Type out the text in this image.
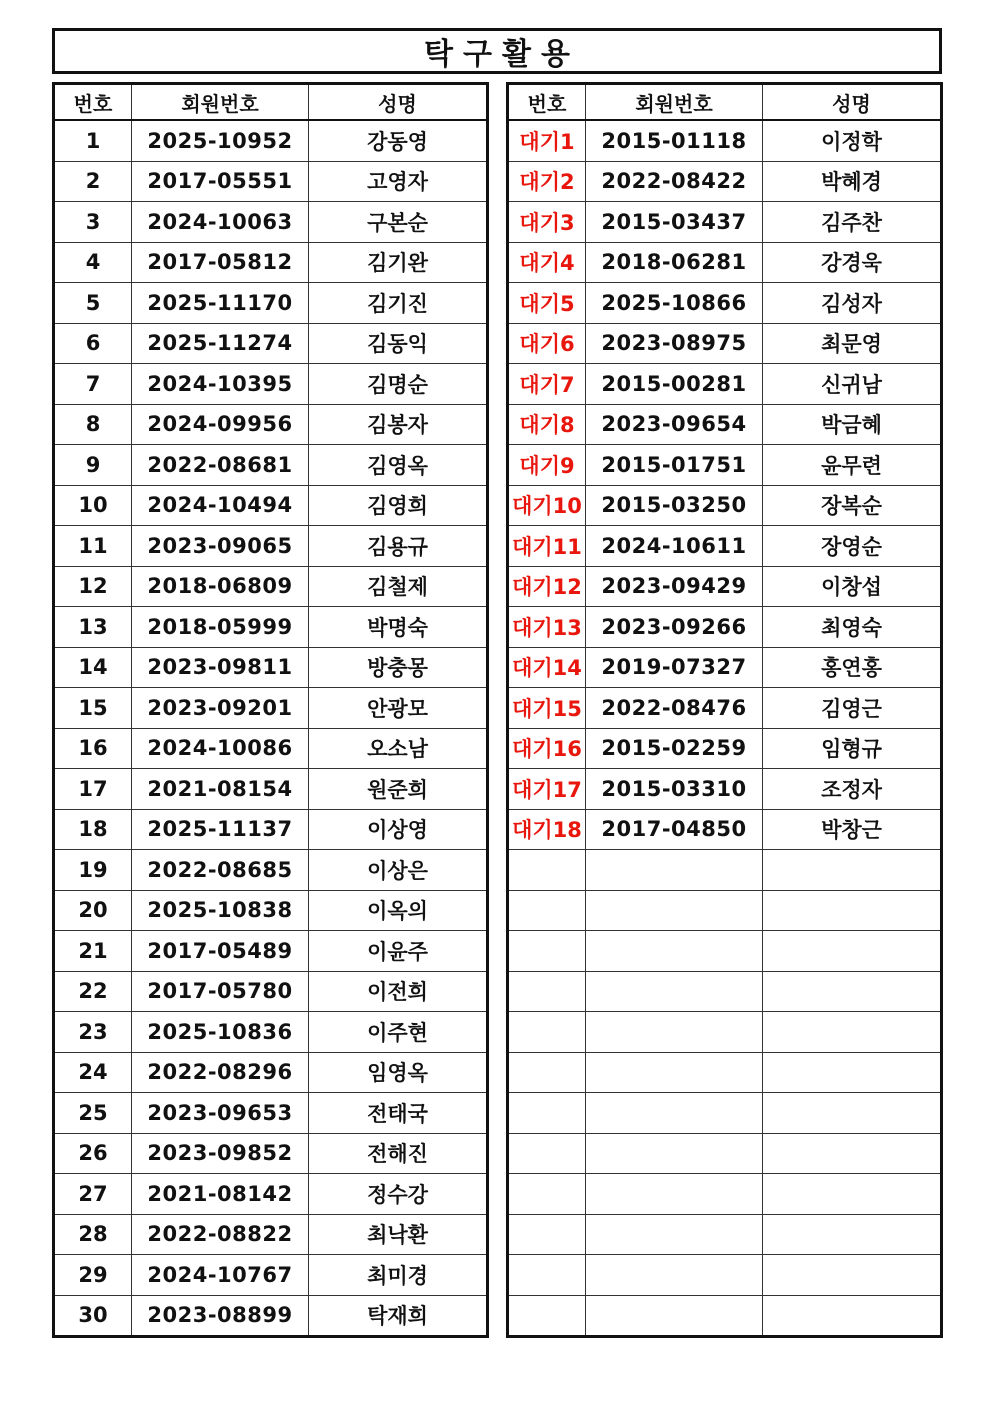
탁구활용
번호	회원번호	성명
1	2025-10952	강동영
2	2017-05551	고영자
3	2024-10063	구본순
4	2017-05812	김기완
5	2025-11170	김기진
6	2025-11274	김동익
7	2024-10395	김명순
8	2024-09956	김봉자
9	2022-08681	김영옥
10	2024-10494	김영희
11	2023-09065	김용규
12	2018-06809	김철제
13	2018-05999	박명숙
14	2023-09811	방충몽
15	2023-09201	안광모
16	2024-10086	오소남
17	2021-08154	원준희
18	2025-11137	이상영
19	2022-08685	이상은
20	2025-10838	이옥의
21	2017-05489	이윤주
22	2017-05780	이전희
23	2025-10836	이주현
24	2022-08296	임영옥
25	2023-09653	전태국
26	2023-09852	전해진
27	2021-08142	정수강
28	2022-08822	최낙환
29	2024-10767	최미경
30	2023-08899	탁재희
번호	회원번호	성명
대기1	2015-01118	이정학
대기2	2022-08422	박혜경
대기3	2015-03437	김주찬
대기4	2018-06281	강경욱
대기5	2025-10866	김성자
대기6	2023-08975	최문영
대기7	2015-00281	신귀남
대기8	2023-09654	박금혜
대기9	2015-01751	윤무련
대기10	2015-03250	장복순
대기11	2024-10611	장영순
대기12	2023-09429	이창섭
대기13	2023-09266	최영숙
대기14	2019-07327	홍연홍
대기15	2022-08476	김영근
대기16	2015-02259	임형규
대기17	2015-03310	조정자
대기18	2017-04850	박창근
